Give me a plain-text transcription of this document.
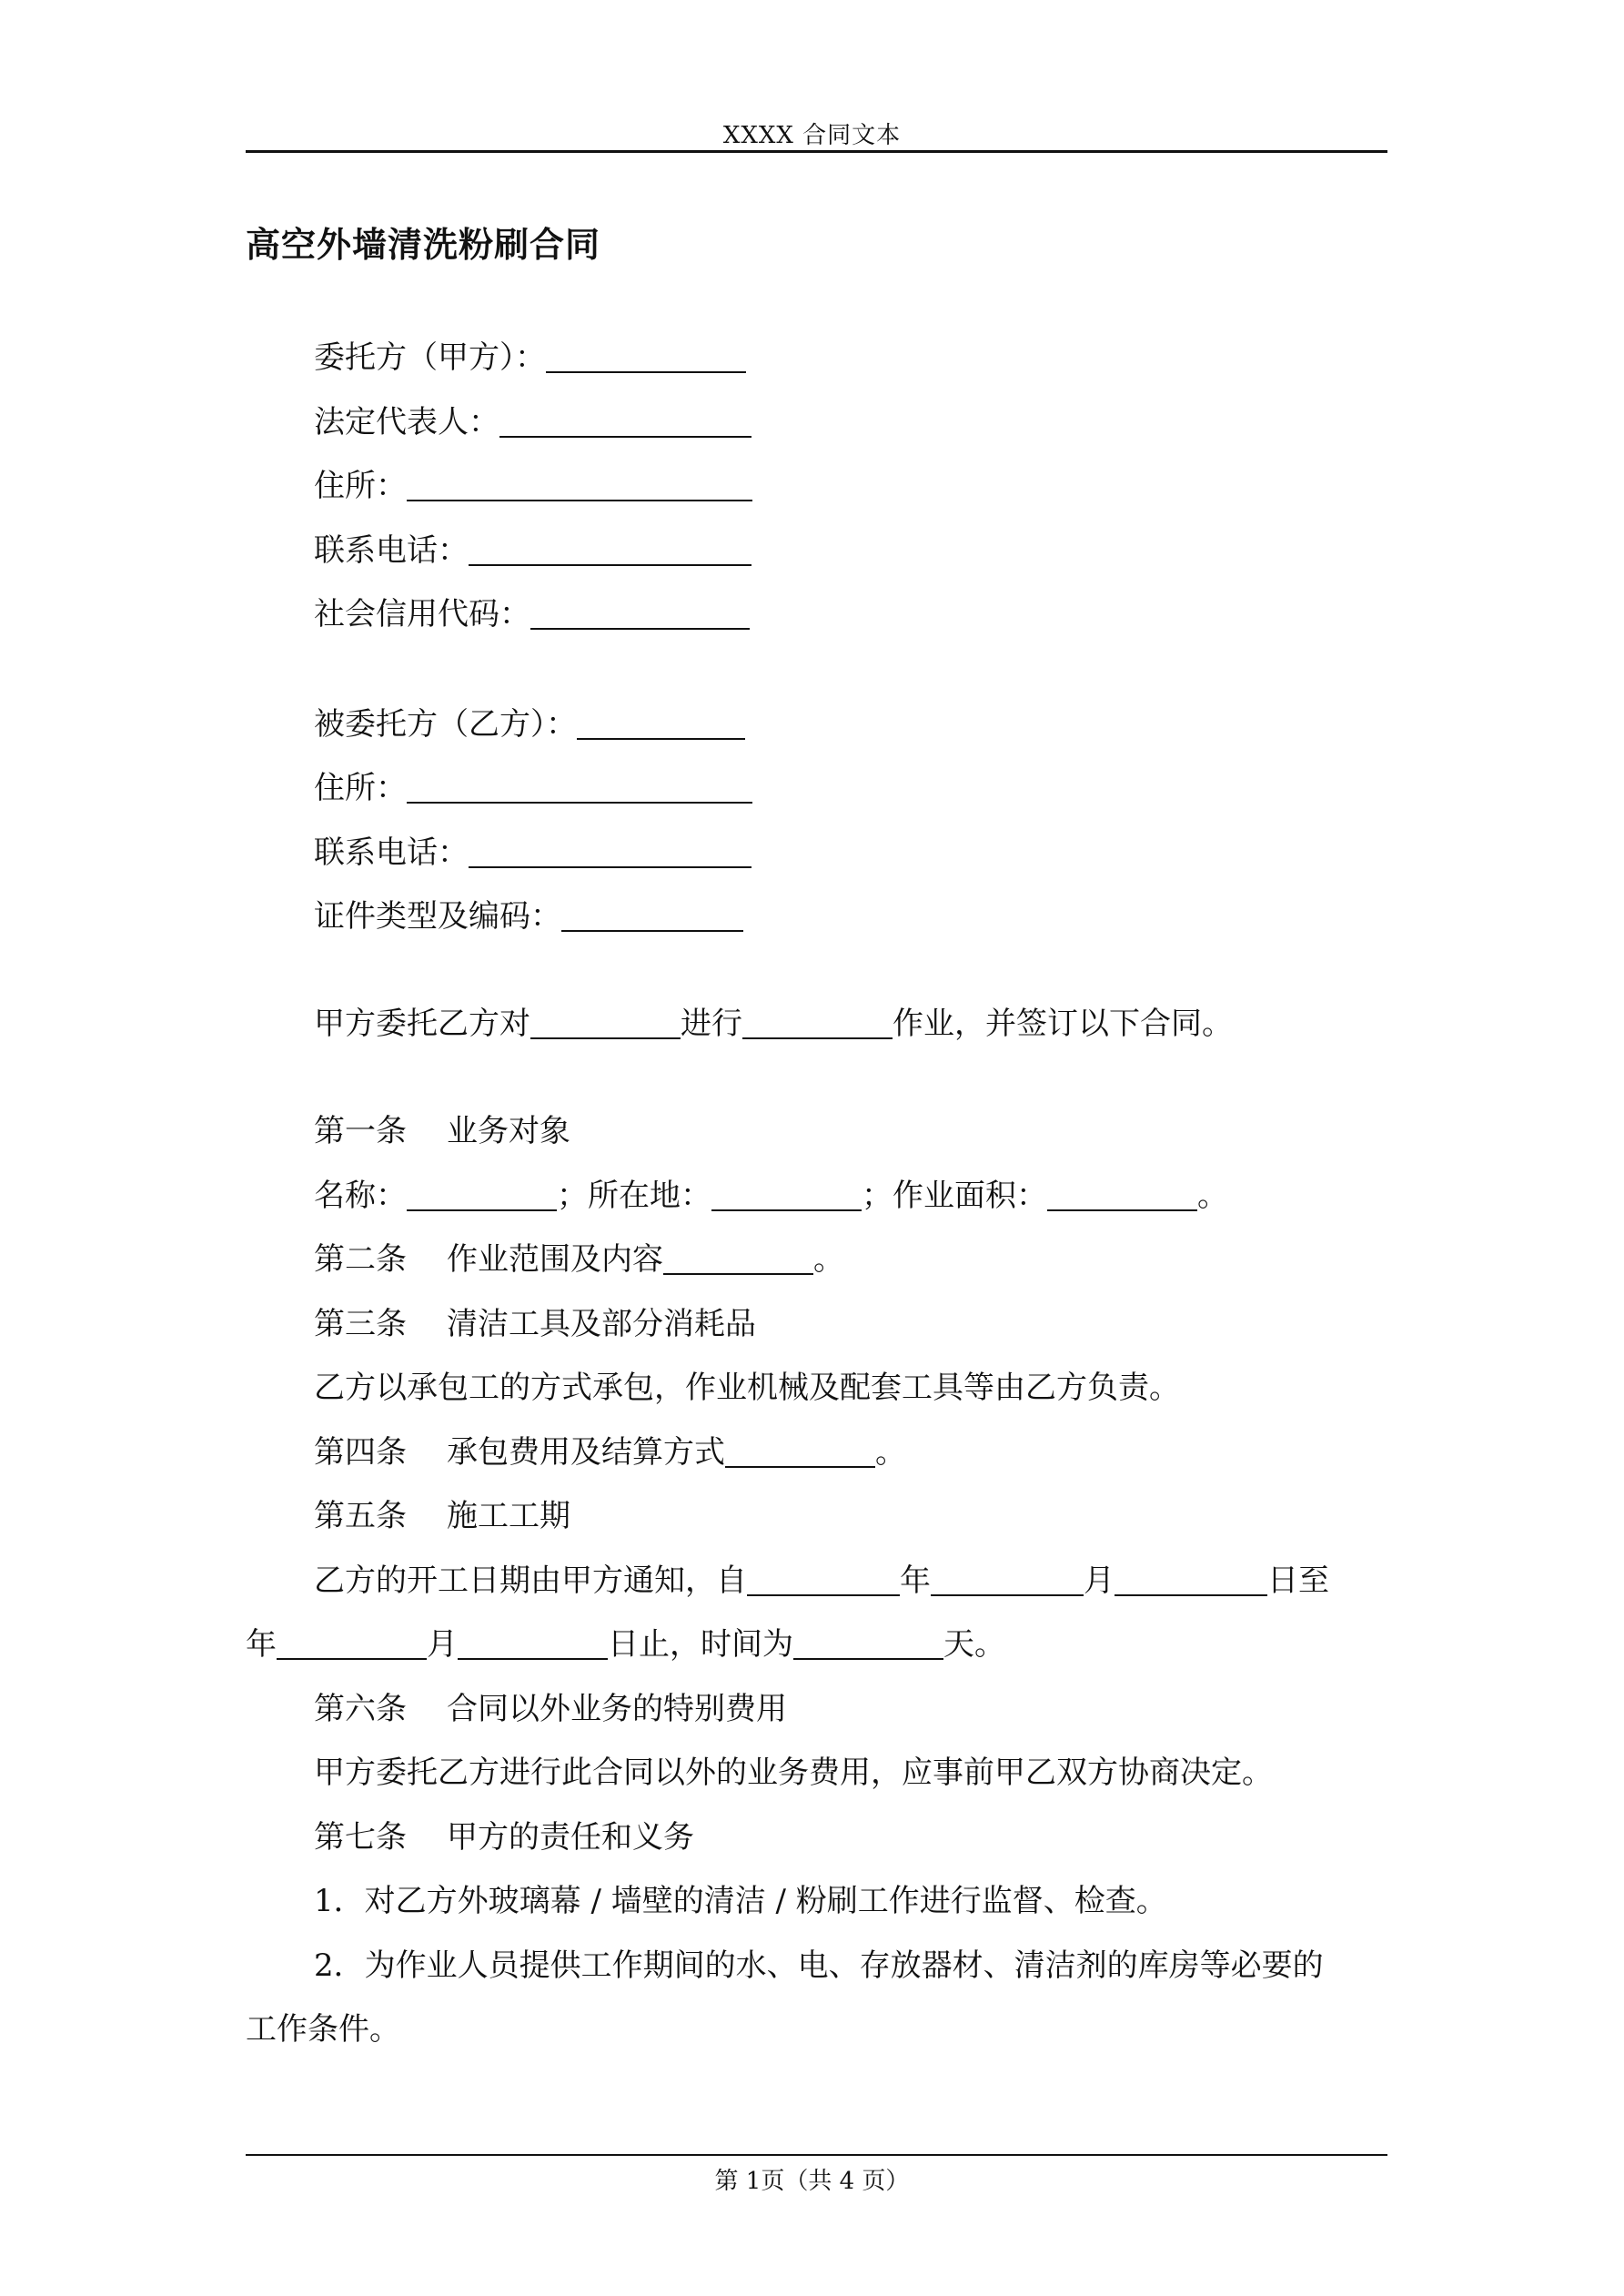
XXXX 合同文本
高空外墙清洗粉刷合同
委托方（甲方）：
法定代表人：
住所：
联系电话：
社会信用代码：
被委托方（乙方）：
住所：
联系电话：
证件类型及编码：
甲方委托乙方对	进行	作业，并签订以下合同。
第一条 业务对象
名称：	；所在地：	；作业面积：	。
第二条 作业范围及内容	。
第三条 清洁工具及部分消耗品
乙方以承包工的方式承包，作业机械及配套工具等由乙方负责。
第四条 承包费用及结算方式	。
第五条 施工工期
乙方的开工日期由甲方通知，自	年	月	日至
年	月	日止，时间为	天。
第六条 合同以外业务的特别费用
甲方委托乙方进行此合同以外的业务费用，应事前甲乙双方协商决定。
第七条 甲方的责任和义务
1．对乙方外玻璃幕 / 墙壁的清洁 / 粉刷工作进行监督、检查。
2．为作业人员提供工作期间的水、电、存放器材、清洁剂的库房等必要的
工作条件。
第 1页（共 4 页）
